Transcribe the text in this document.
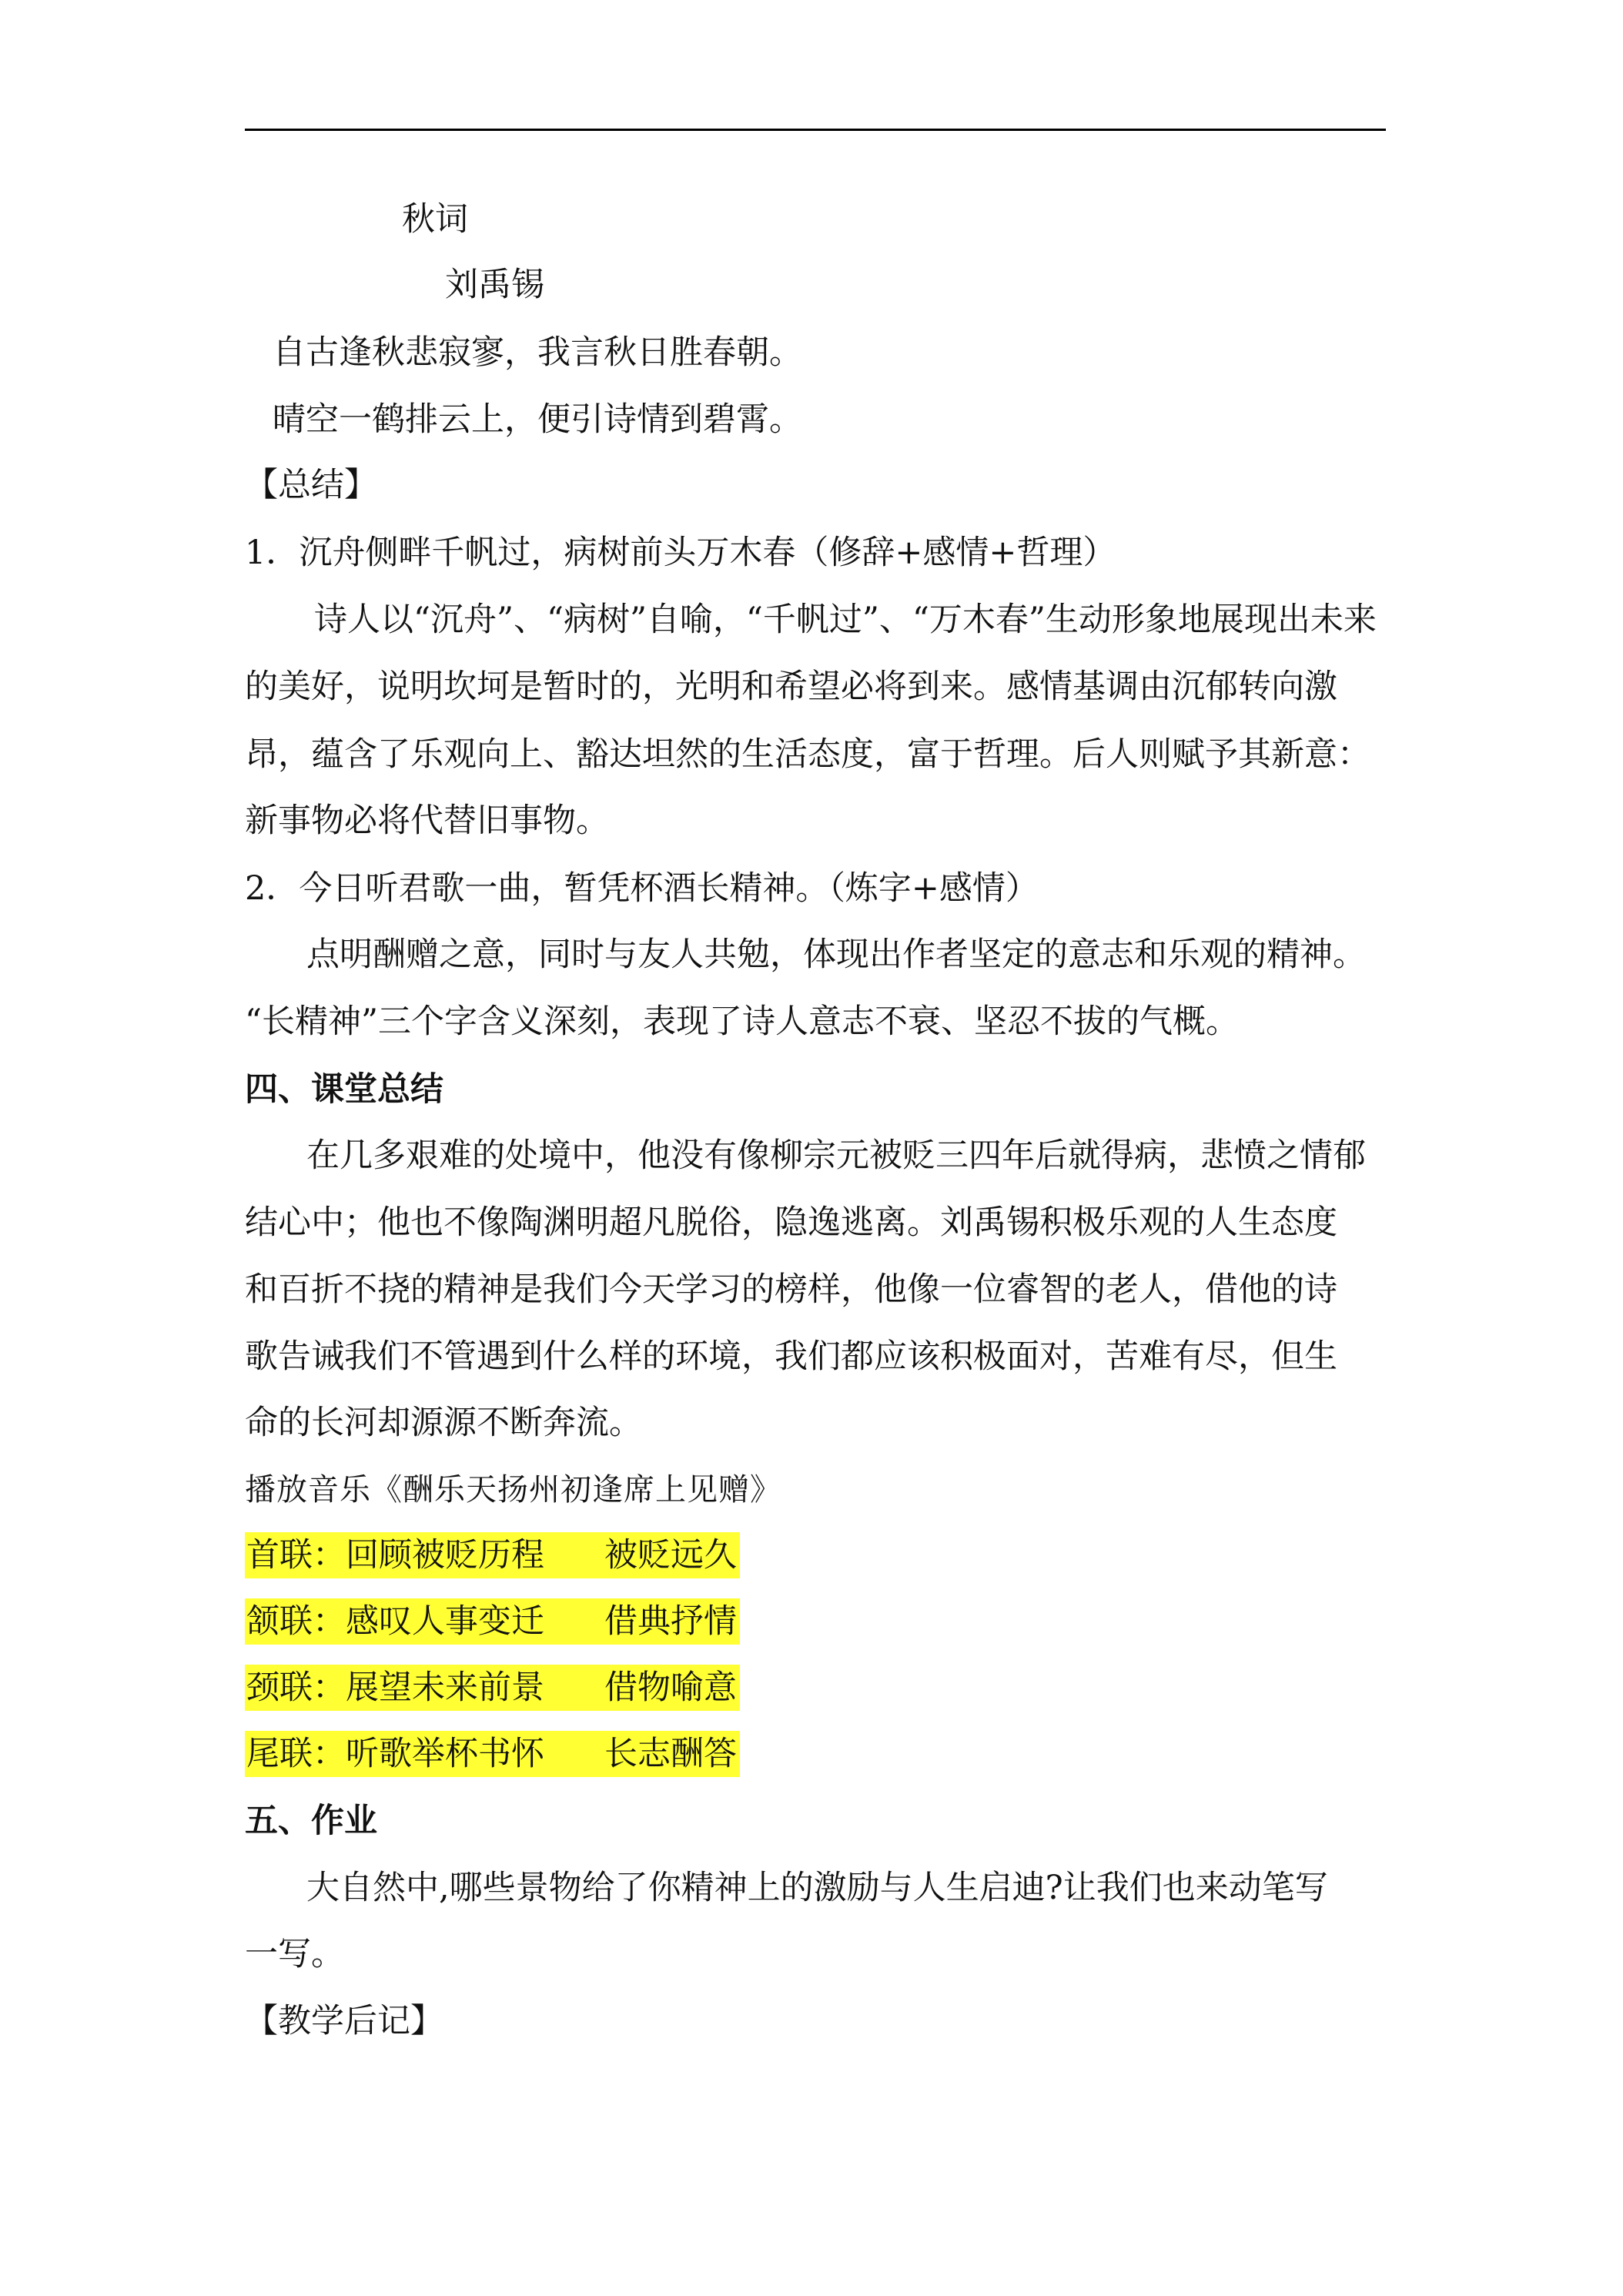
秋词
刘禹锡
自古逢秋悲寂寥，我言秋日胜春朝。
晴空一鹤排云上，便引诗情到碧霄。
【总结】
1．沉舟侧畔千帆过，病树前头万木春（修辞+感情+哲理）
诗人以“沉舟”、“病树”自喻，“千帆过”、“万木春”生动形象地展现出未来
的美好，说明坎坷是暂时的，光明和希望必将到来。感情基调由沉郁转向激
昂，蕴含了乐观向上、豁达坦然的生活态度，富于哲理。后人则赋予其新意：
新事物必将代替旧事物。
2．今日听君歌一曲，暂凭杯酒长精神。（炼字+感情）
点明酬赠之意，同时与友人共勉，体现出作者坚定的意志和乐观的精神。
“长精神”三个字含义深刻，表现了诗人意志不衰、坚忍不拔的气概。
四、课堂总结
在几多艰难的处境中，他没有像柳宗元被贬三四年后就得病，悲愤之情郁
结心中；他也不像陶渊明超凡脱俗，隐逸逃离。刘禹锡积极乐观的人生态度
和百折不挠的精神是我们今天学习的榜样，他像一位睿智的老人，借他的诗
歌告诫我们不管遇到什么样的环境，我们都应该积极面对，苦难有尽，但生
命的长河却源源不断奔流。
播放音乐《酬乐天扬州初逢席上见赠》
首联：回顾被贬历程 被贬远久
颔联：感叹人事变迁 借典抒情
颈联：展望未来前景 借物喻意
尾联：听歌举杯书怀 长志酬答
五、作业
大自然中,哪些景物给了你精神上的激励与人生启迪?让我们也来动笔写
一写。
【教学后记】
